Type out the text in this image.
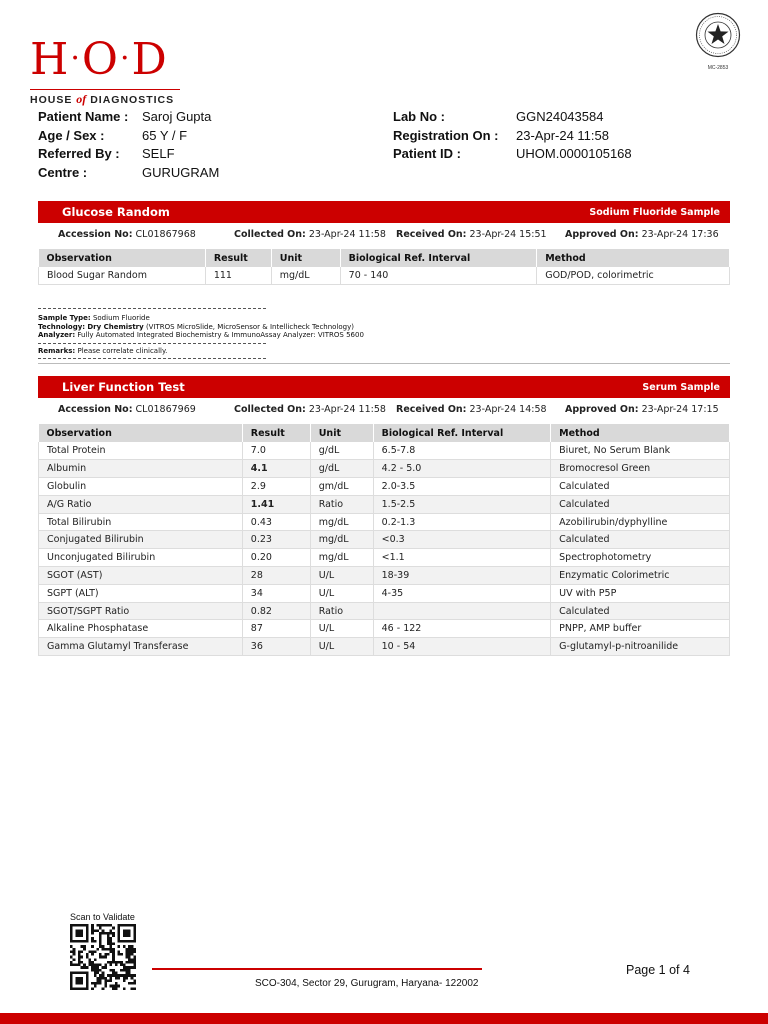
H·O·D
HOUSE of DIAGNOSTICS
MC-2853
Patient Name :	Saroj Gupta
Age / Sex :	65 Y / F
Referred By :	SELF
Centre :	GURUGRAM
Lab No :	GGN24043584
Registration On :	23-Apr-24 11:58
Patient ID :	UHOM.0000105168
Glucose Random	Sodium Fluoride Sample
Accession No: CL01867968	Collected On: 23-Apr-24 11:58 Received On: 23-Apr-24 15:51 Approved On: 23-Apr-24 17:36
Observation	Result	Unit	Biological Ref. Interval	Method
Blood Sugar Random	111	mg/dL	70 - 140	GOD/POD, colorimetric
Sample Type: Sodium Fluoride
Technology: Dry Chemistry (VITROS MicroSlide, MicroSensor & Intellicheck Technology)
Analyzer: Fully Automated Integrated Biochemistry & ImmunoAssay Analyzer: VITROS 5600
Remarks: Please correlate clinically.
Liver Function Test	Serum Sample
Accession No: CL01867969	Collected On: 23-Apr-24 11:58 Received On: 23-Apr-24 14:58 Approved On: 23-Apr-24 17:15
Observation	Result	Unit	Biological Ref. Interval	Method
Total Protein	7.0	g/dL	6.5-7.8	Biuret, No Serum Blank
Albumin	4.1	g/dL	4.2 - 5.0	Bromocresol Green
Globulin	2.9	gm/dL	2.0-3.5	Calculated
A/G Ratio	1.41	Ratio	1.5-2.5	Calculated
Total Bilirubin	0.43	mg/dL	0.2-1.3	Azobilirubin/dyphylline
Conjugated Bilirubin	0.23	mg/dL	<0.3	Calculated
Unconjugated Bilirubin	0.20	mg/dL	<1.1	Spectrophotometry
SGOT (AST)	28	U/L	18-39	Enzymatic Colorimetric
SGPT (ALT)	34	U/L	4-35	UV with P5P
SGOT/SGPT Ratio	0.82	Ratio		Calculated
Alkaline Phosphatase	87	U/L	46 - 122	PNPP, AMP buffer
Gamma Glutamyl Transferase	36	U/L	10 - 54	G-glutamyl-p-nitroanilide
Scan to Validate
SCO-304, Sector 29, Gurugram, Haryana- 122002
Page 1 of 4
